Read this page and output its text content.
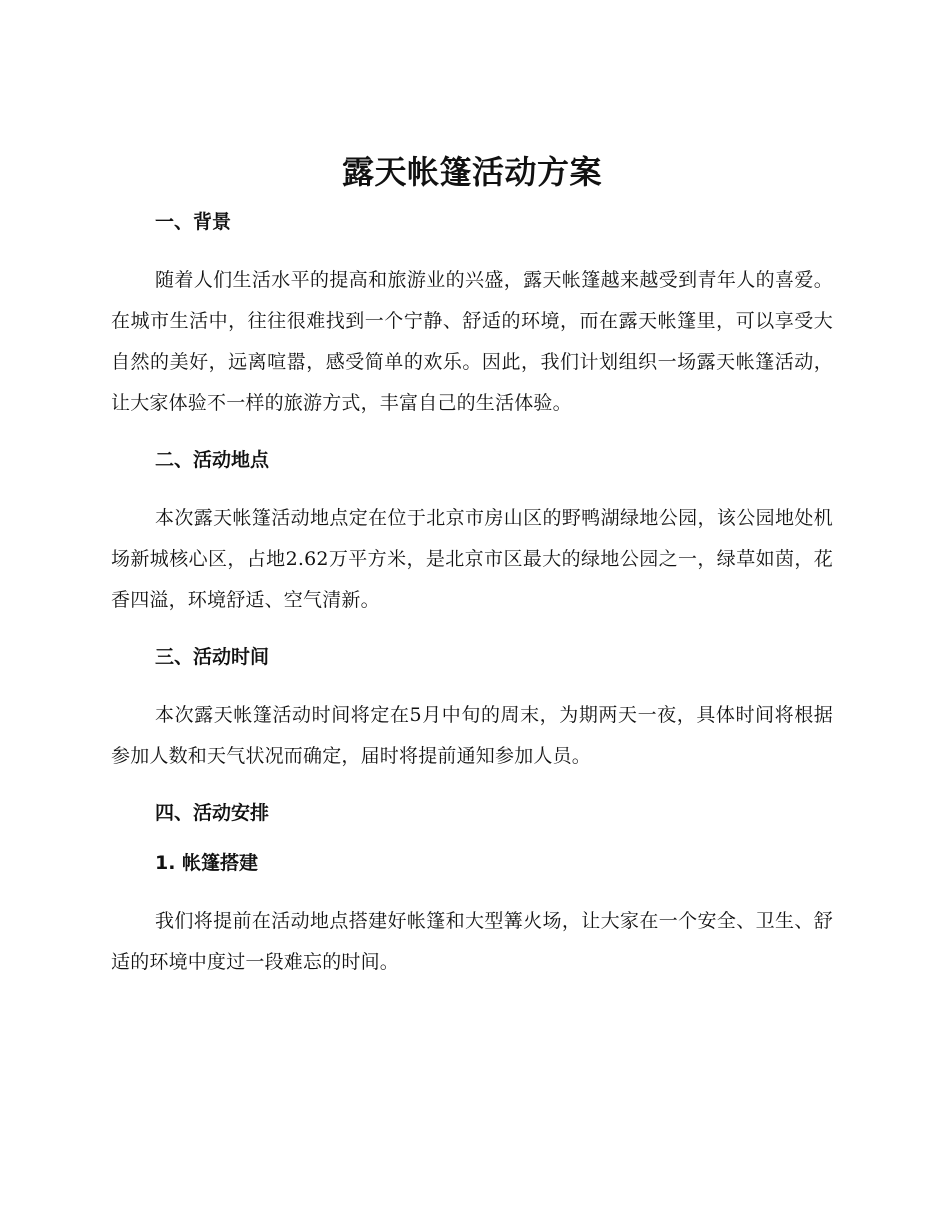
露天帐篷活动方案
一、背景

随着人们生活水平的提高和旅游业的兴盛，露天帐篷越来越受到青年人的喜爱。在城市生活中，往往很难找到一个宁静、舒适的环境，而在露天帐篷里，可以享受大自然的美好，远离喧嚣，感受简单的欢乐。因此，我们计划组织一场露天帐篷活动，让大家体验不一样的旅游方式，丰富自己的生活体验。

二、活动地点

本次露天帐篷活动地点定在位于北京市房山区的野鸭湖绿地公园，该公园地处机场新城核心区，占地2.62万平方米，是北京市区最大的绿地公园之一，绿草如茵，花香四溢，环境舒适、空气清新。

三、活动时间

本次露天帐篷活动时间将定在5月中旬的周末，为期两天一夜，具体时间将根据参加人数和天气状况而确定，届时将提前通知参加人员。

四、活动安排
1. 帐篷搭建

我们将提前在活动地点搭建好帐篷和大型篝火场，让大家在一个安全、卫生、舒适的环境中度过一段难忘的时间。
